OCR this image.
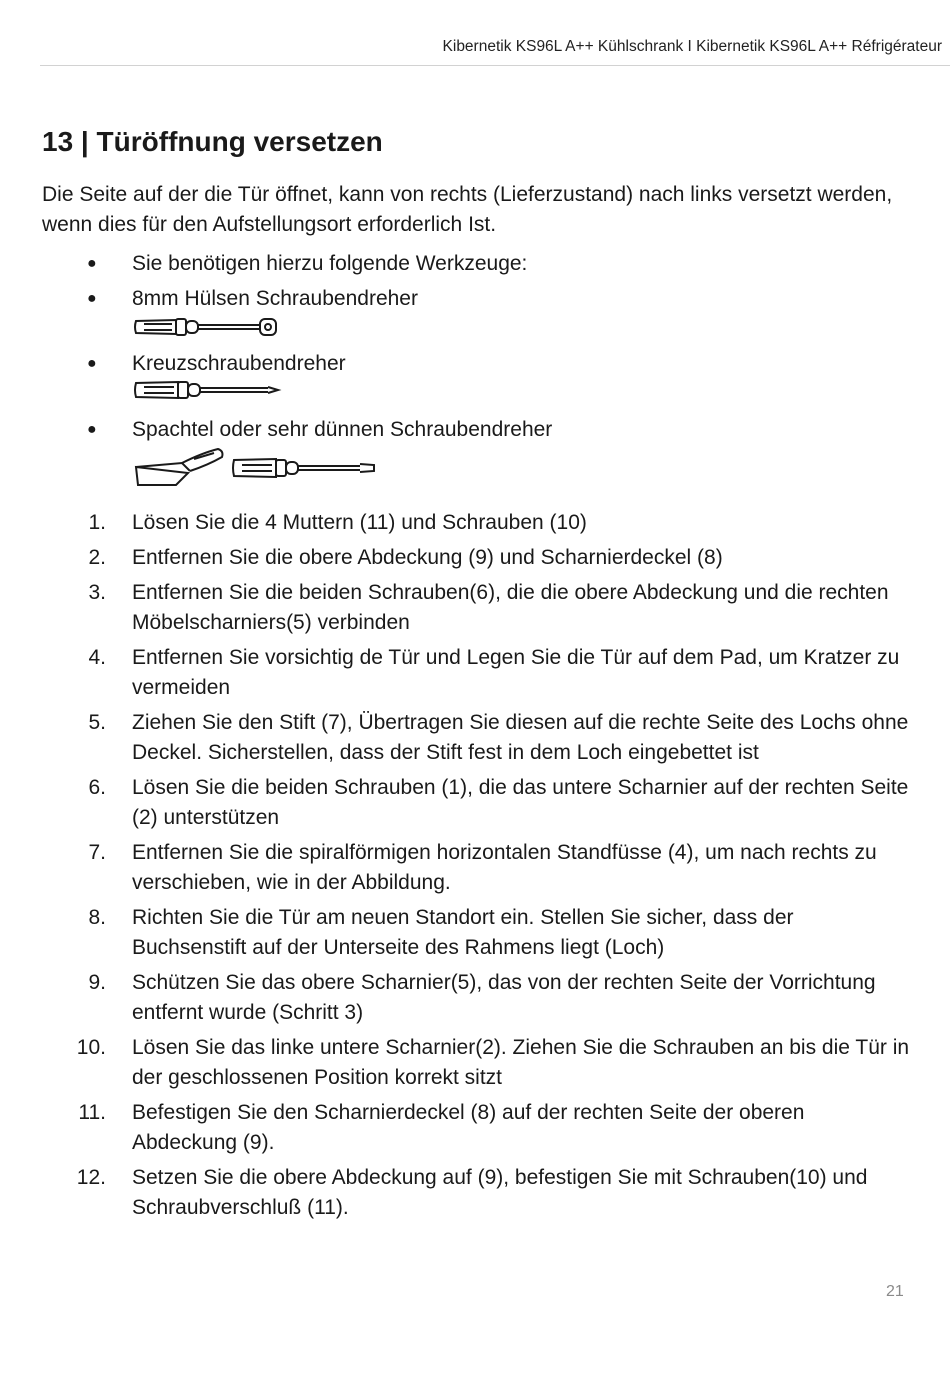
Kibernetik KS96L A++ Kühlschrank I Kibernetik KS96L A++ Réfrigérateur
13 | Türöffnung versetzen

Die Seite auf der die Tür öffnet, kann von rechts (Lieferzustand) nach links versetzt werden, wenn dies für den Aufstellungsort erforderlich Ist.

● Sie benötigen hierzu folgende Werkzeuge:
● 8mm Hülsen Schraubendreher
● Kreuzschraubendreher
● Spachtel oder sehr dünnen Schraubendreher
1. Lösen Sie die 4 Muttern (11) und Schrauben (10)
2. Entfernen Sie die obere Abdeckung (9) und Scharnierdeckel (8)
3. Entfernen Sie die beiden Schrauben(6), die die obere Abdeckung und die rechten Möbelscharniers(5) verbinden
4. Entfernen Sie vorsichtig de Tür und Legen Sie die Tür auf dem Pad, um Kratzer zu vermeiden
5. Ziehen Sie den Stift (7), Übertragen Sie diesen auf die rechte Seite des Lochs ohne Deckel. Sicherstellen, dass der Stift fest in dem Loch eingebettet ist
6. Lösen Sie die beiden Schrauben (1), die das untere Scharnier auf der rechten Seite (2) unterstützen
7. Entfernen Sie die spiralförmigen horizontalen Standfüsse (4), um nach rechts zu verschieben, wie in der Abbildung.
8. Richten Sie die Tür am neuen Standort ein. Stellen Sie sicher, dass der Buchsenstift auf der Unterseite des Rahmens liegt (Loch)
9. Schützen Sie das obere Scharnier(5), das von der rechten Seite der Vorrichtung entfernt wurde (Schritt 3)
10. Lösen Sie das linke untere Scharnier(2). Ziehen Sie die Schrauben an bis die Tür in der geschlossenen Position korrekt sitzt
11. Befestigen Sie den Scharnierdeckel (8) auf der rechten Seite der oberen Abdeckung (9).
12. Setzen Sie die obere Abdeckung auf (9), befestigen Sie mit Schrauben(10) und Schraubverschluß (11).
21
